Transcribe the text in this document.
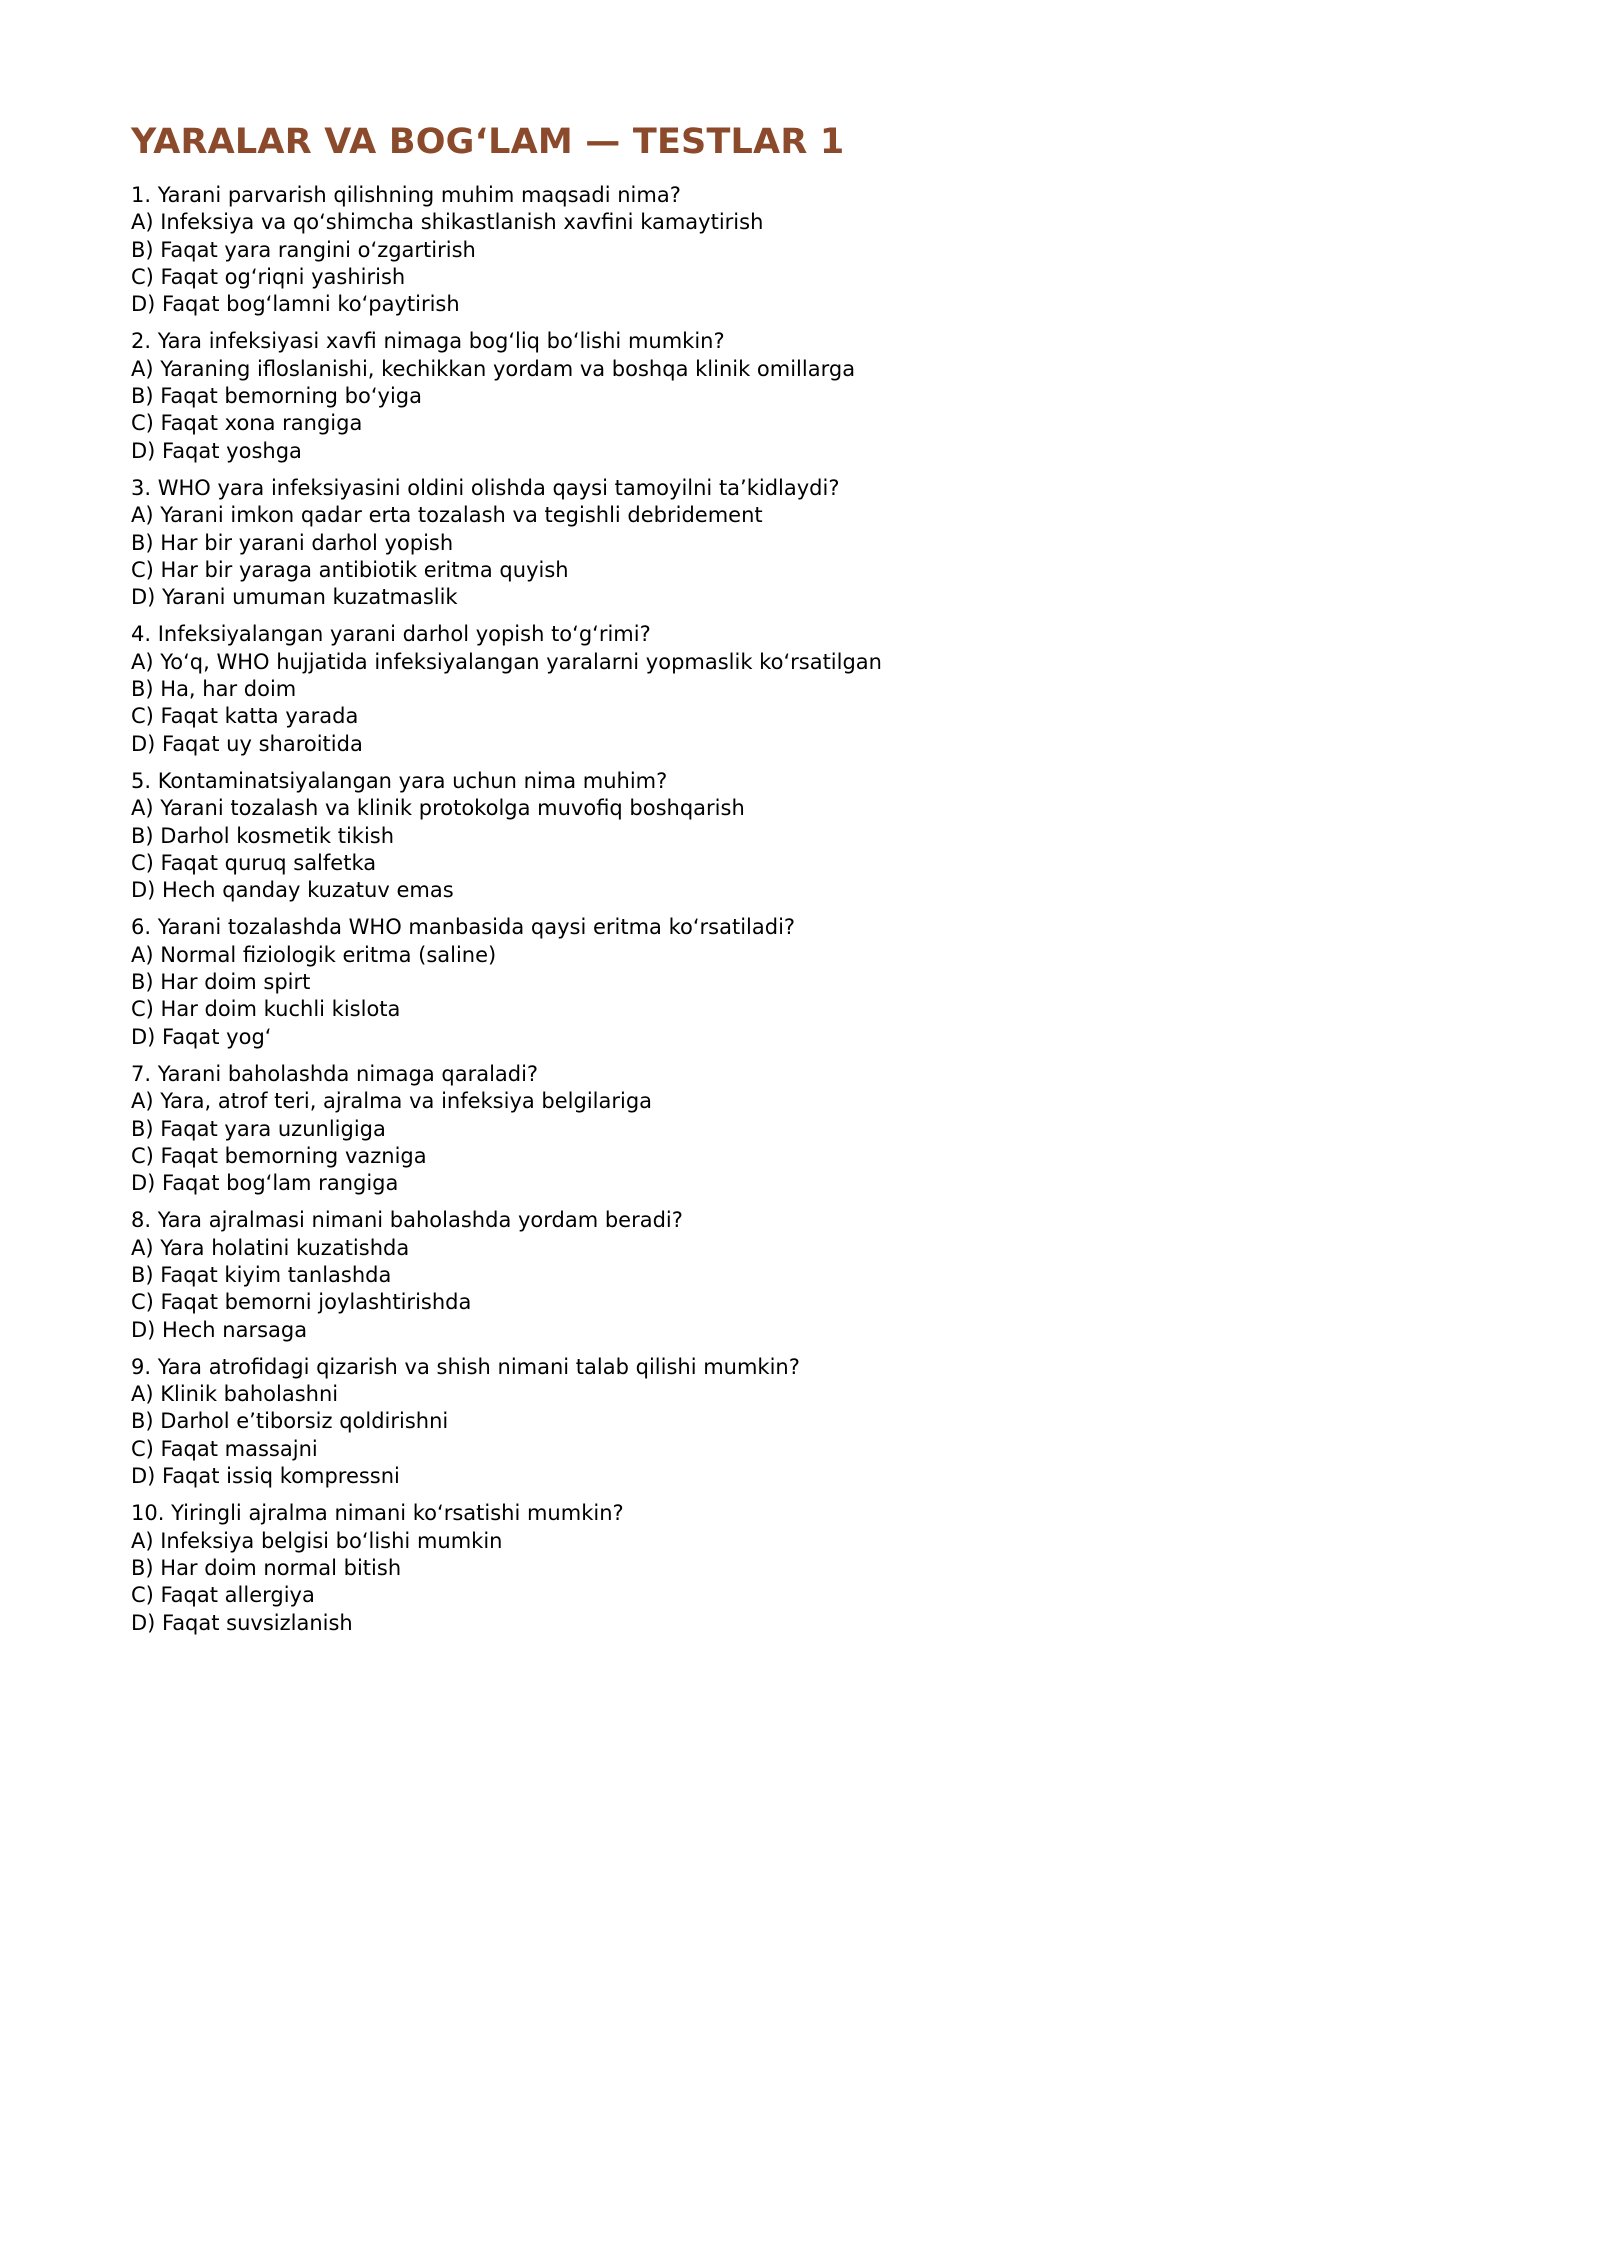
YARALAR VA BOG‘LAM — TESTLAR 1
1. Yarani parvarish qilishning muhim maqsadi nima?
A) Infeksiya va qo‘shimcha shikastlanish xavfini kamaytirish
B) Faqat yara rangini o‘zgartirish
C) Faqat og‘riqni yashirish
D) Faqat bog‘lamni ko‘paytirish
2. Yara infeksiyasi xavfi nimaga bog‘liq bo‘lishi mumkin?
A) Yaraning ifloslanishi, kechikkan yordam va boshqa klinik omillarga
B) Faqat bemorning bo‘yiga
C) Faqat xona rangiga
D) Faqat yoshga
3. WHO yara infeksiyasini oldini olishda qaysi tamoyilni ta’kidlaydi?
A) Yarani imkon qadar erta tozalash va tegishli debridement
B) Har bir yarani darhol yopish
C) Har bir yaraga antibiotik eritma quyish
D) Yarani umuman kuzatmaslik
4. Infeksiyalangan yarani darhol yopish to‘g‘rimi?
A) Yo‘q, WHO hujjatida infeksiyalangan yaralarni yopmaslik ko‘rsatilgan
B) Ha, har doim
C) Faqat katta yarada
D) Faqat uy sharoitida
5. Kontaminatsiyalangan yara uchun nima muhim?
A) Yarani tozalash va klinik protokolga muvofiq boshqarish
B) Darhol kosmetik tikish
C) Faqat quruq salfetka
D) Hech qanday kuzatuv emas
6. Yarani tozalashda WHO manbasida qaysi eritma ko‘rsatiladi?
A) Normal fiziologik eritma (saline)
B) Har doim spirt
C) Har doim kuchli kislota
D) Faqat yog‘
7. Yarani baholashda nimaga qaraladi?
A) Yara, atrof teri, ajralma va infeksiya belgilariga
B) Faqat yara uzunligiga
C) Faqat bemorning vazniga
D) Faqat bog‘lam rangiga
8. Yara ajralmasi nimani baholashda yordam beradi?
A) Yara holatini kuzatishda
B) Faqat kiyim tanlashda
C) Faqat bemorni joylashtirishda
D) Hech narsaga
9. Yara atrofidagi qizarish va shish nimani talab qilishi mumkin?
A) Klinik baholashni
B) Darhol e’tiborsiz qoldirishni
C) Faqat massajni
D) Faqat issiq kompressni
10. Yiringli ajralma nimani ko‘rsatishi mumkin?
A) Infeksiya belgisi bo‘lishi mumkin
B) Har doim normal bitish
C) Faqat allergiya
D) Faqat suvsizlanish
